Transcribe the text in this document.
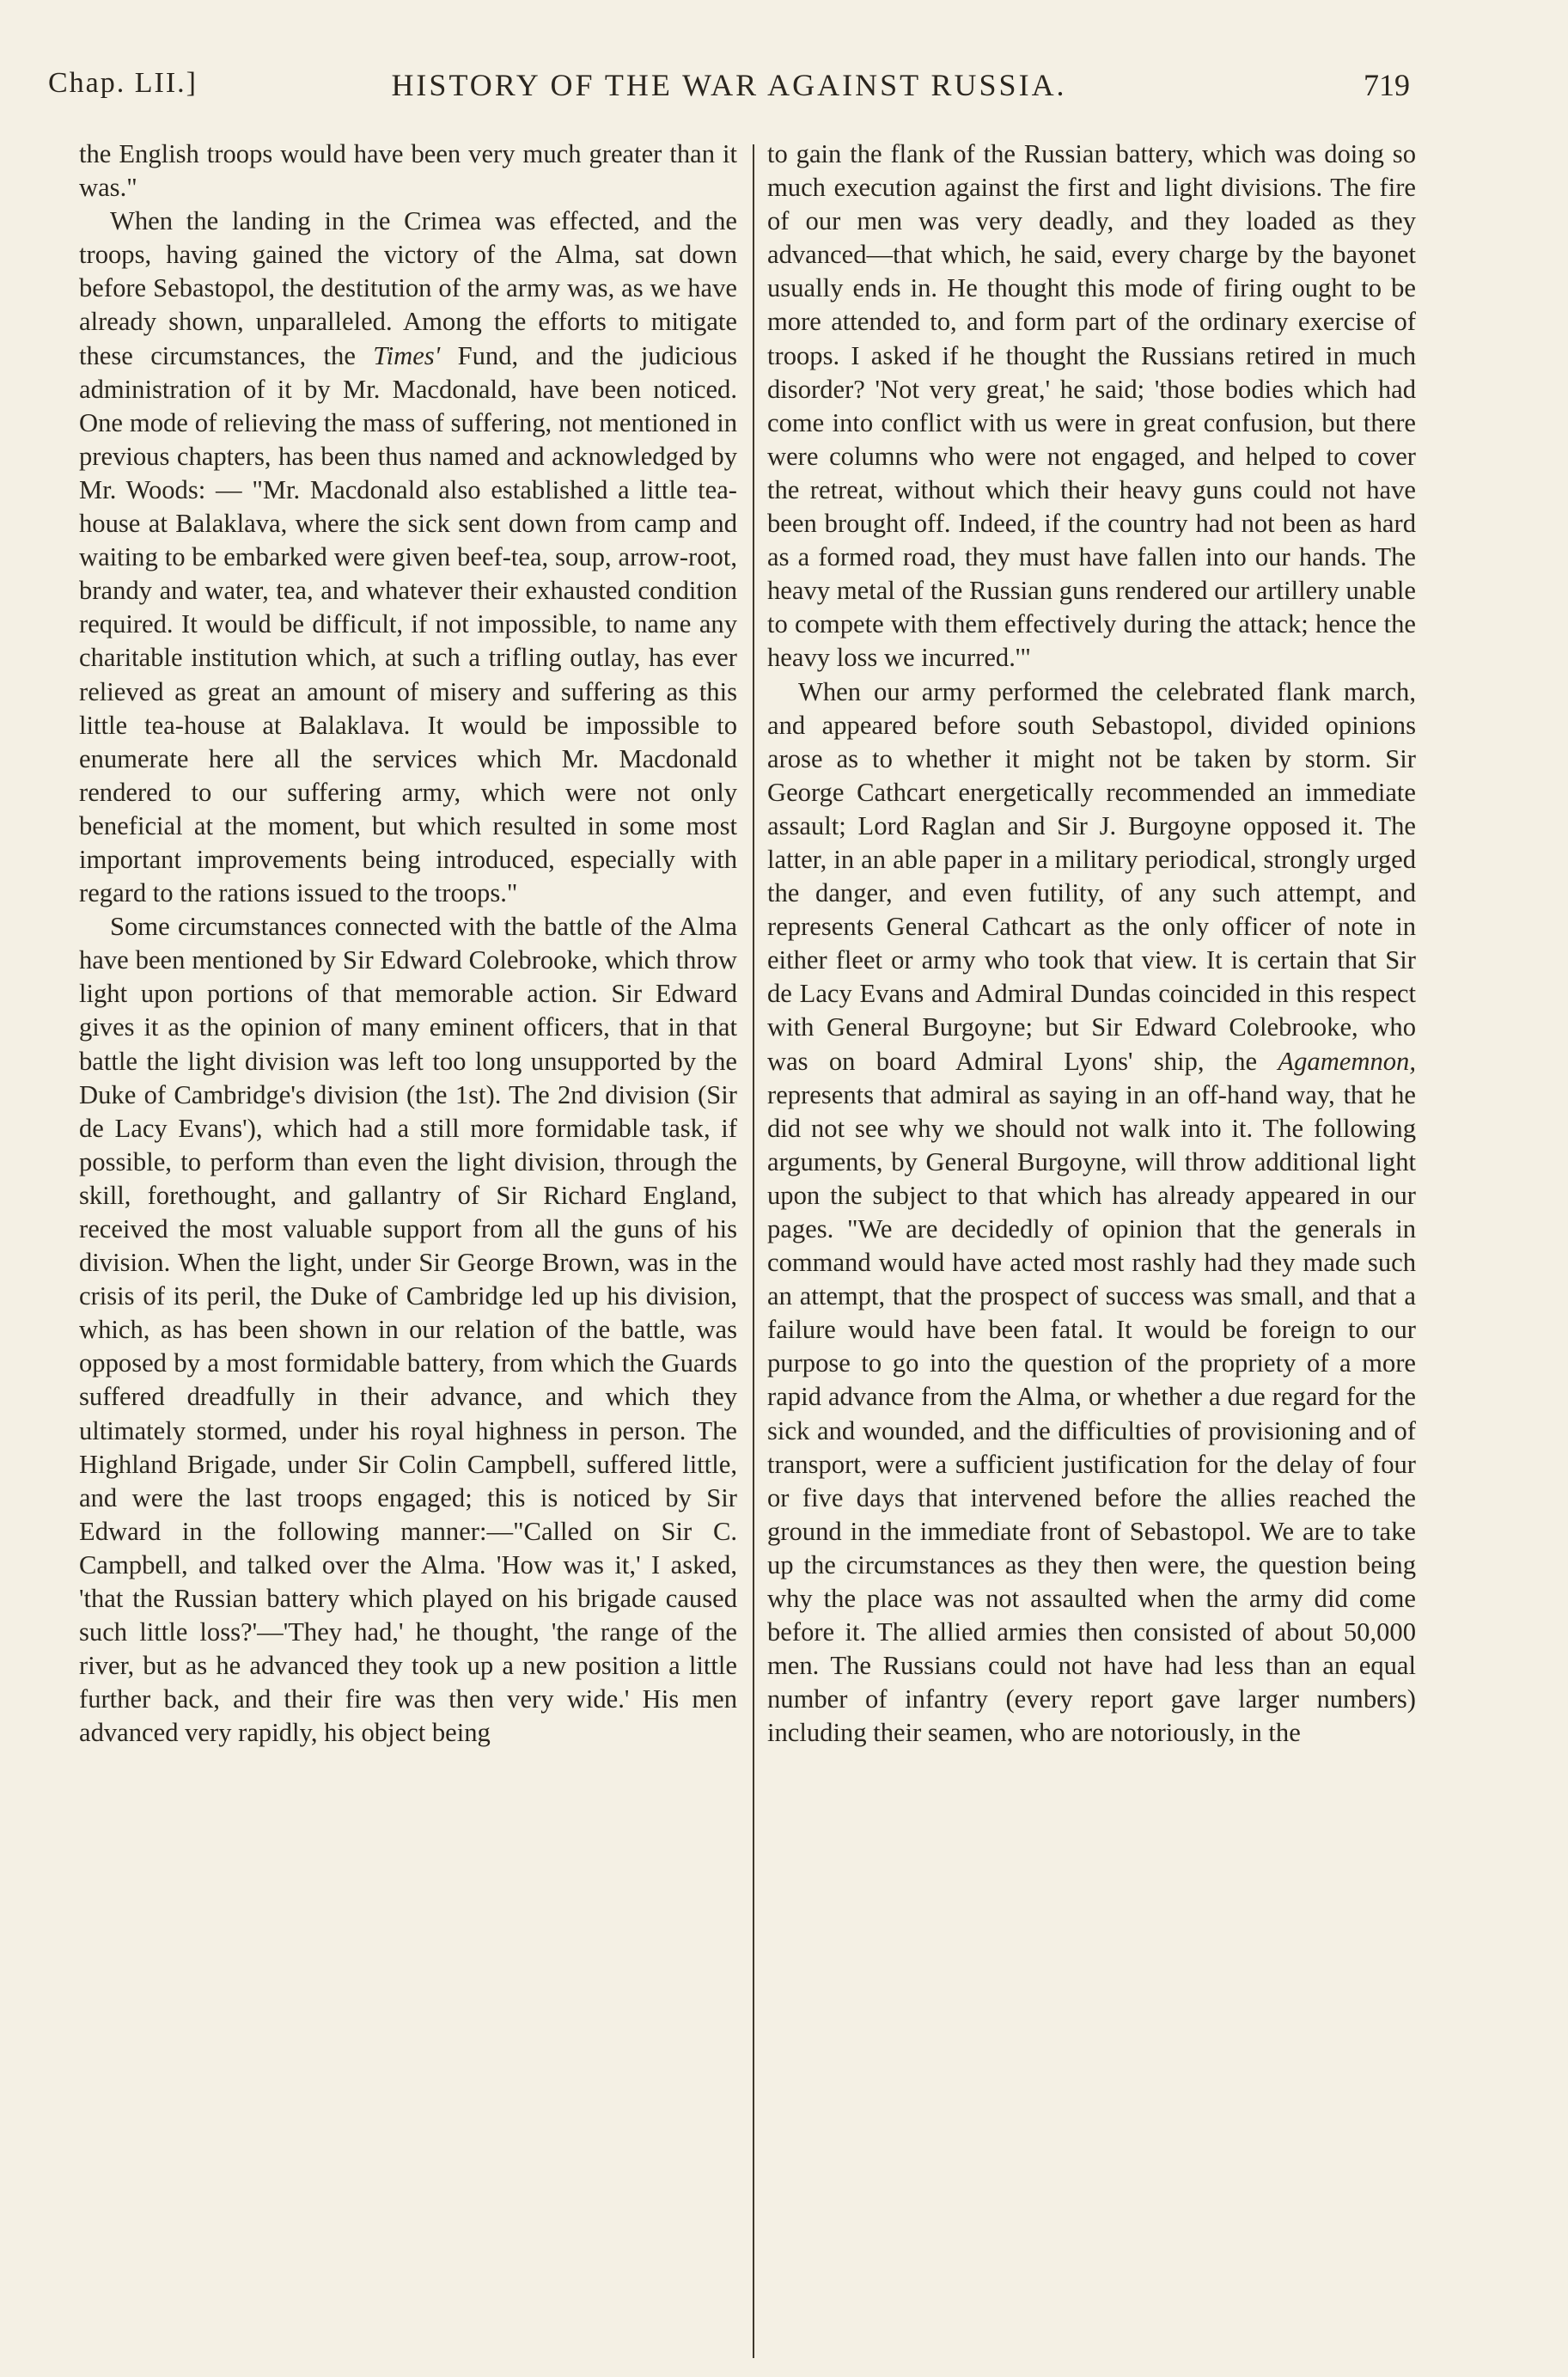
Chap. LII.]	HISTORY OF THE WAR AGAINST RUSSIA.	719

the English troops would have been very much greater than it was."

When the landing in the Crimea was effected, and the troops, having gained the victory of the Alma, sat down before Sebastopol, the destitution of the army was, as we have already shown, unparalleled. Among the efforts to mitigate these circumstances, the Times' Fund, and the judicious administration of it by Mr. Macdonald, have been noticed. One mode of relieving the mass of suffering, not mentioned in previous chapters, has been thus named and acknowledged by Mr. Woods: — "Mr. Macdonald also established a little tea-house at Balaklava, where the sick sent down from camp and waiting to be embarked were given beef-tea, soup, arrow-root, brandy and water, tea, and whatever their exhausted condition required. It would be difficult, if not impossible, to name any charitable institution which, at such a trifling outlay, has ever relieved as great an amount of misery and suffering as this little tea-house at Balaklava. It would be impossible to enumerate here all the services which Mr. Macdonald rendered to our suffering army, which were not only beneficial at the moment, but which resulted in some most important improvements being introduced, especially with regard to the rations issued to the troops."

Some circumstances connected with the battle of the Alma have been mentioned by Sir Edward Colebrooke, which throw light upon portions of that memorable action. Sir Edward gives it as the opinion of many eminent officers, that in that battle the light division was left too long unsupported by the Duke of Cambridge's division (the 1st). The 2nd division (Sir de Lacy Evans'), which had a still more formidable task, if possible, to perform than even the light division, through the skill, forethought, and gallantry of Sir Richard England, received the most valuable support from all the guns of his division. When the light, under Sir George Brown, was in the crisis of its peril, the Duke of Cambridge led up his division, which, as has been shown in our relation of the battle, was opposed by a most formidable battery, from which the Guards suffered dreadfully in their advance, and which they ultimately stormed, under his royal highness in person. The Highland Brigade, under Sir Colin Campbell, suffered little, and were the last troops engaged; this is noticed by Sir Edward in the following manner:—"Called on Sir C. Campbell, and talked over the Alma. 'How was it,' I asked, 'that the Russian battery which played on his brigade caused such little loss?'—'They had,' he thought, 'the range of the river, but as he advanced they took up a new position a little further back, and their fire was then very wide.' His men advanced very rapidly, his object being

to gain the flank of the Russian battery, which was doing so much execution against the first and light divisions. The fire of our men was very deadly, and they loaded as they advanced—that which, he said, every charge by the bayonet usually ends in. He thought this mode of firing ought to be more attended to, and form part of the ordinary exercise of troops. I asked if he thought the Russians retired in much disorder? 'Not very great,' he said; 'those bodies which had come into conflict with us were in great confusion, but there were columns who were not engaged, and helped to cover the retreat, without which their heavy guns could not have been brought off. Indeed, if the country had not been as hard as a formed road, they must have fallen into our hands. The heavy metal of the Russian guns rendered our artillery unable to compete with them effectively during the attack; hence the heavy loss we incurred.'"

When our army performed the celebrated flank march, and appeared before south Sebastopol, divided opinions arose as to whether it might not be taken by storm. Sir George Cathcart energetically recommended an immediate assault; Lord Raglan and Sir J. Burgoyne opposed it. The latter, in an able paper in a military periodical, strongly urged the danger, and even futility, of any such attempt, and represents General Cathcart as the only officer of note in either fleet or army who took that view. It is certain that Sir de Lacy Evans and Admiral Dundas coincided in this respect with General Burgoyne; but Sir Edward Colebrooke, who was on board Admiral Lyons' ship, the Agamemnon, represents that admiral as saying in an off-hand way, that he did not see why we should not walk into it. The following arguments, by General Burgoyne, will throw additional light upon the subject to that which has already appeared in our pages. "We are decidedly of opinion that the generals in command would have acted most rashly had they made such an attempt, that the prospect of success was small, and that a failure would have been fatal. It would be foreign to our purpose to go into the question of the propriety of a more rapid advance from the Alma, or whether a due regard for the sick and wounded, and the difficulties of provisioning and of transport, were a sufficient justification for the delay of four or five days that intervened before the allies reached the ground in the immediate front of Sebastopol. We are to take up the circumstances as they then were, the question being why the place was not assaulted when the army did come before it. The allied armies then consisted of about 50,000 men. The Russians could not have had less than an equal number of infantry (every report gave larger numbers) including their seamen, who are notoriously, in the
